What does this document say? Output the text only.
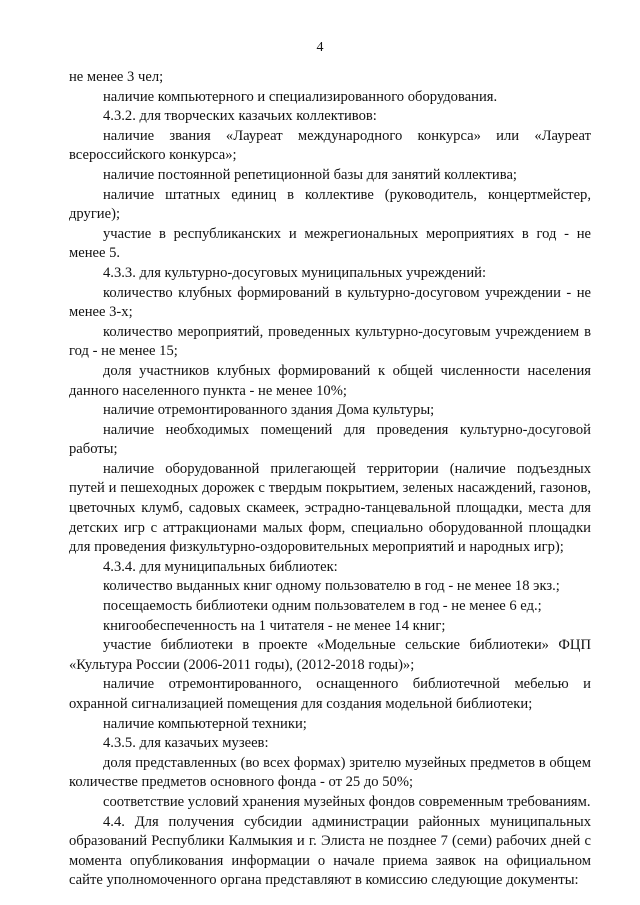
4

не менее 3 чел;

наличие компьютерного и специализированного оборудования.

4.3.2. для творческих казачьих коллективов:

наличие звания «Лауреат международного конкурса» или «Лауреат всероссийского конкурса»;

наличие постоянной репетиционной базы для занятий коллектива;

наличие штатных единиц в коллективе (руководитель, концертмейстер, другие);

участие в республиканских и межрегиональных мероприятиях в год - не менее 5.

4.3.3. для культурно-досуговых муниципальных учреждений:

количество клубных формирований в культурно-досуговом учреждении - не менее 3-х;

количество мероприятий, проведенных культурно-досуговым учреждением в год - не менее 15;

доля участников клубных формирований к общей численности населения данного населенного пункта - не менее 10%;

наличие отремонтированного здания Дома культуры;

наличие необходимых помещений для проведения культурно-досуговой работы;

наличие оборудованной прилегающей территории (наличие подъездных путей и пешеходных дорожек с твердым покрытием, зеленых насаждений, газонов, цветочных клумб, садовых скамеек, эстрадно-танцевальной площадки, места для детских игр с аттракционами малых форм, специально оборудованной площадки для проведения физкультурно-оздоровительных мероприятий и народных игр);

4.3.4. для муниципальных библиотек:

количество выданных книг одному пользователю в год - не менее 18 экз.;

посещаемость библиотеки одним пользователем в год - не менее 6 ед.;

книгообеспеченность на 1 читателя - не менее 14 книг;

участие библиотеки в проекте «Модельные сельские библиотеки» ФЦП «Культура России (2006-2011 годы), (2012-2018 годы)»;

наличие отремонтированного, оснащенного библиотечной мебелью и охранной сигнализацией помещения для создания модельной библиотеки;

наличие компьютерной техники;

4.3.5. для казачьих музеев:

доля представленных (во всех формах) зрителю музейных предметов в общем количестве предметов основного фонда - от 25 до 50%;

соответствие условий хранения музейных фондов современным требованиям.

4.4. Для получения субсидии администрации районных муниципальных образований Республики Калмыкия и г. Элиста не позднее 7 (семи) рабочих дней с момента опубликования информации о начале приема заявок на официальном сайте уполномоченного органа представляют в комиссию следующие документы:
